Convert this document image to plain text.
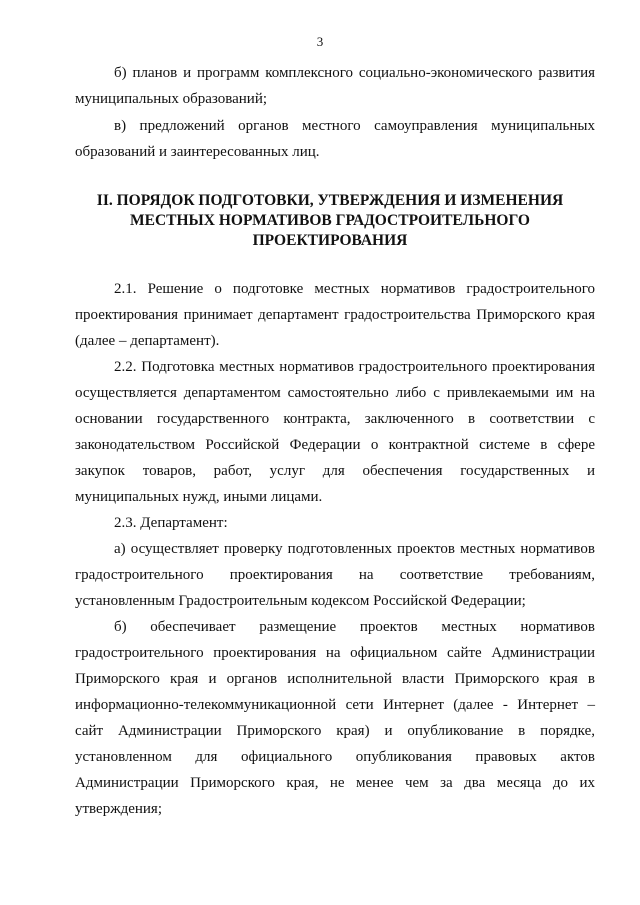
3
б) планов и программ комплексного социально-экономического развития
муниципальных образований;
в) предложений органов местного самоуправления муниципальных
образований и заинтересованных лиц.
II. ПОРЯДОК ПОДГОТОВКИ, УТВЕРЖДЕНИЯ И ИЗМЕНЕНИЯ
МЕСТНЫХ НОРМАТИВОВ ГРАДОСТРОИТЕЛЬНОГО
ПРОЕКТИРОВАНИЯ
2.1. Решение о подготовке местных нормативов градостроительного
проектирования принимает департамент градостроительства Приморского края
(далее – департамент).
2.2. Подготовка местных нормативов градостроительного проектирования
осуществляется департаментом самостоятельно либо с привлекаемыми им на
основании государственного контракта, заключенного в соответствии с
законодательством Российской Федерации о контрактной системе в сфере
закупок товаров, работ, услуг для обеспечения государственных и
муниципальных нужд, иными лицами.
2.3. Департамент:
а) осуществляет проверку подготовленных проектов местных нормативов
градостроительного проектирования на соответствие требованиям,
установленным Градостроительным кодексом Российской Федерации;
б) обеспечивает размещение проектов местных нормативов
градостроительного проектирования на официальном сайте Администрации
Приморского края и органов исполнительной власти Приморского края в
информационно-телекоммуникационной сети Интернет (далее - Интернет –
сайт Администрации Приморского края) и опубликование в порядке,
установленном для официального опубликования правовых актов
Администрации Приморского края, не менее чем за два месяца до их
утверждения;
